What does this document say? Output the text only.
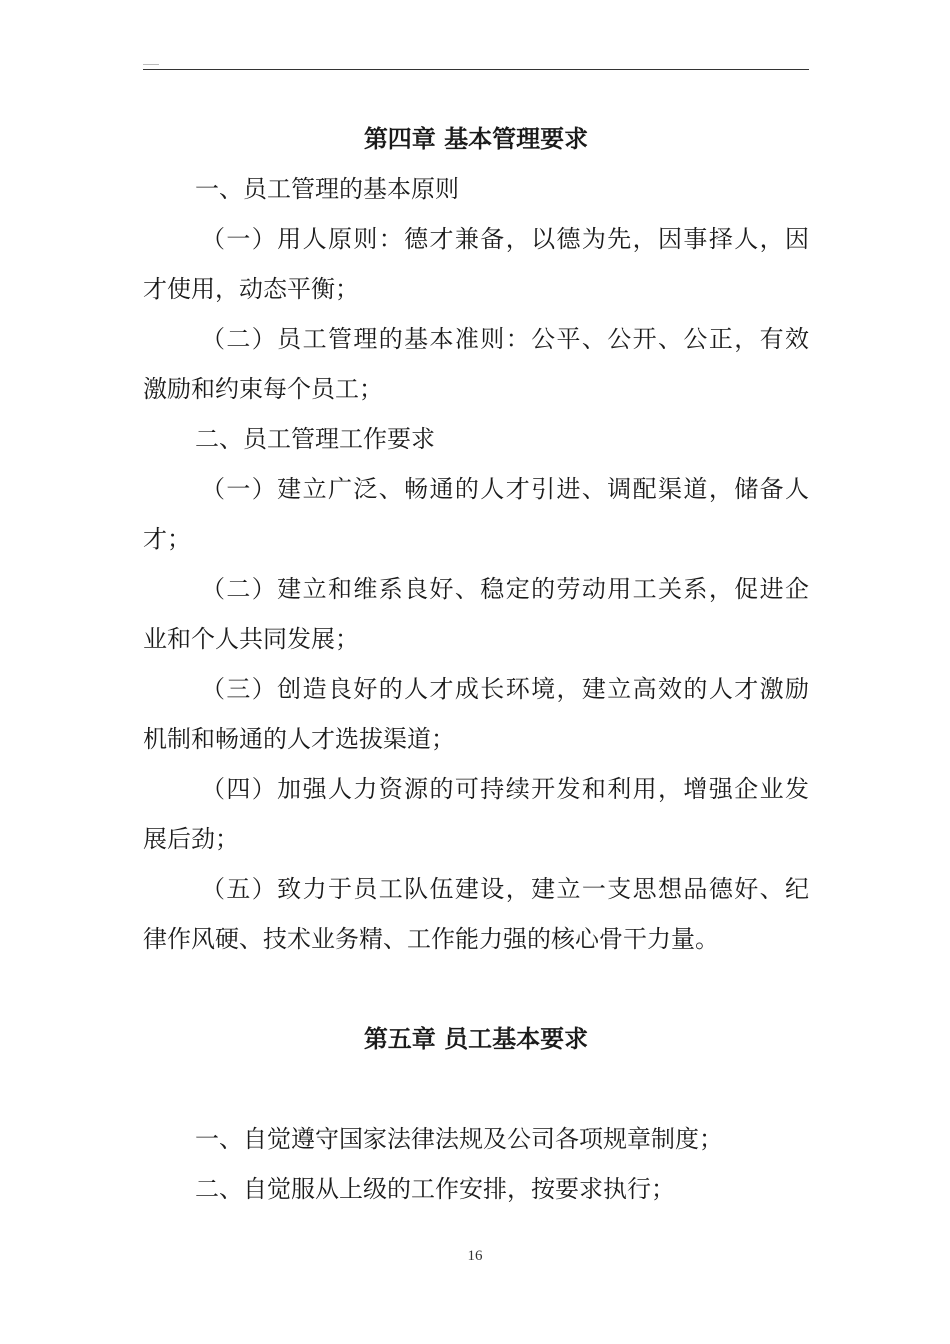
第四章 基本管理要求
一、员工管理的基本原则
（一）用人原则：德才兼备，以德为先，因事择人，因
才使用，动态平衡；
（二）员工管理的基本准则：公平、公开、公正，有效
激励和约束每个员工；
二、员工管理工作要求
（一）建立广泛、畅通的人才引进、调配渠道，储备人
才；
（二）建立和维系良好、稳定的劳动用工关系，促进企
业和个人共同发展；
（三）创造良好的人才成长环境，建立高效的人才激励
机制和畅通的人才选拔渠道；
（四）加强人力资源的可持续开发和利用，增强企业发
展后劲；
（五）致力于员工队伍建设，建立一支思想品德好、纪
律作风硬、技术业务精、工作能力强的核心骨干力量。
第五章 员工基本要求
一、自觉遵守国家法律法规及公司各项规章制度；
二、自觉服从上级的工作安排，按要求执行；
16
